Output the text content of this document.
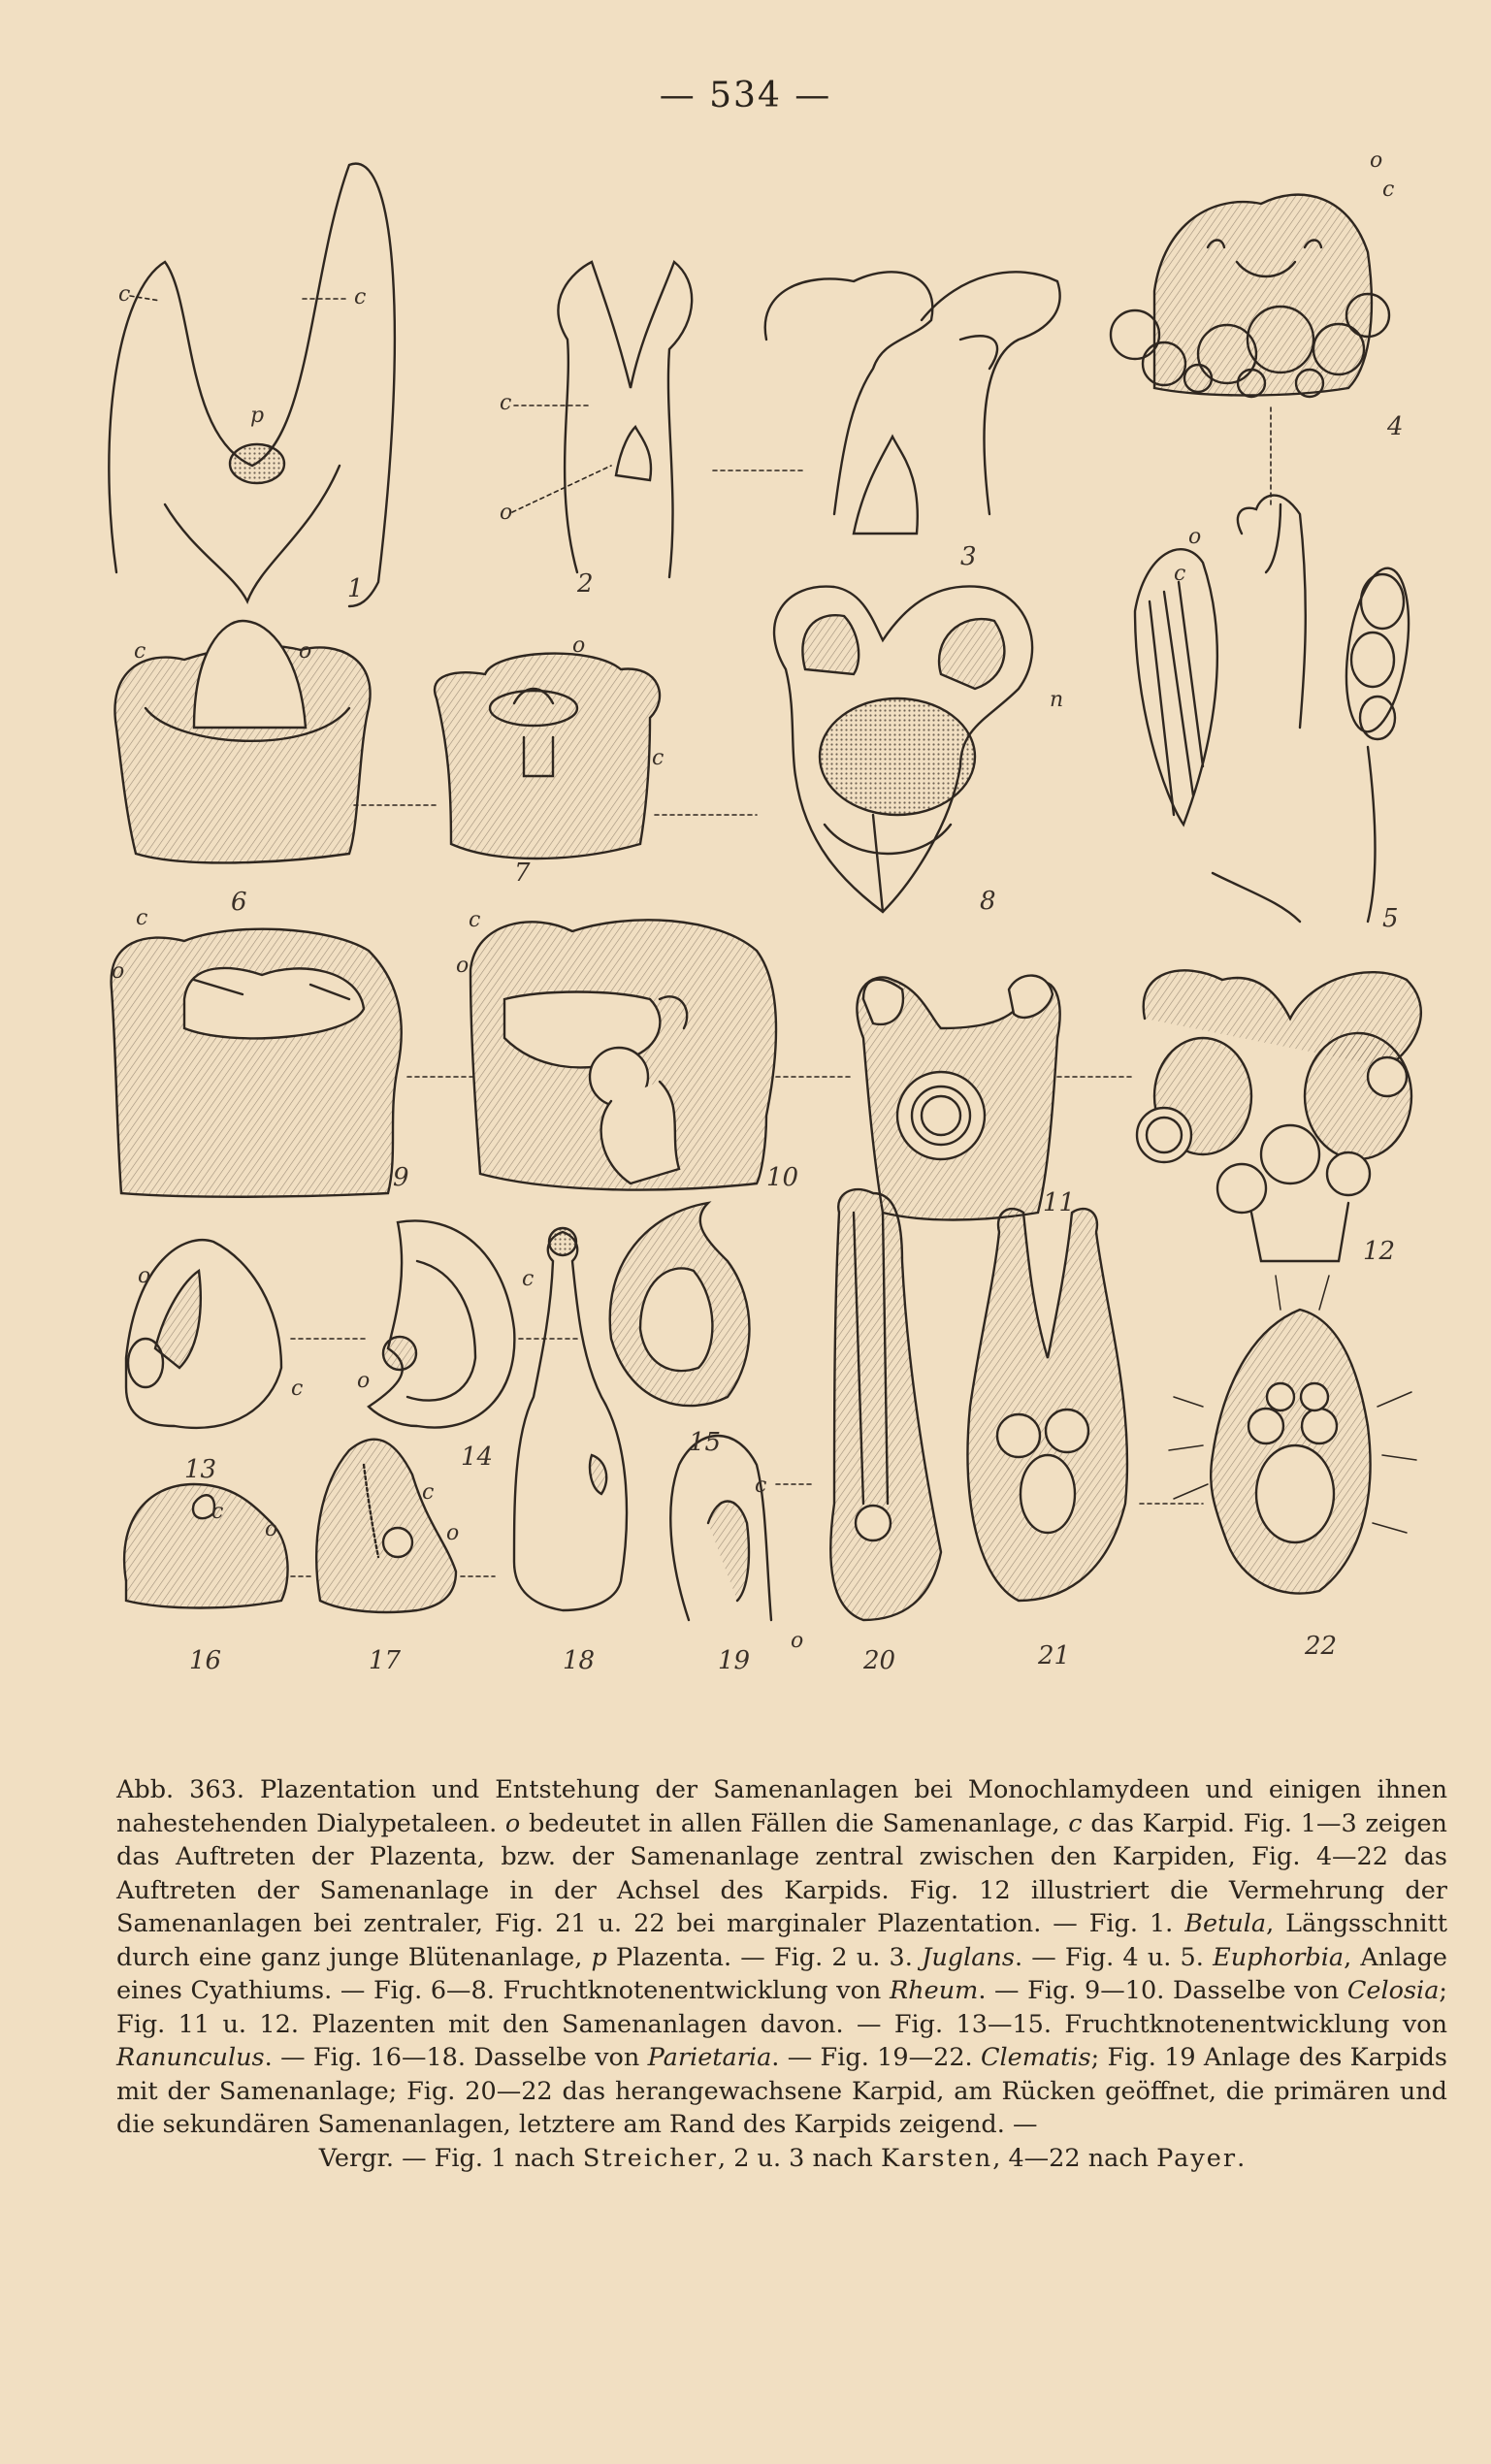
— 534 —
1	2
3
4
5
6
7
8
9	10
11
12
13	14	15
16	17	18	19	20	21	22
c	c
p
c
o
o
c
o
c
c	o	o
c
n
c
o
c
o
o
c
c
o
c
o
c
o
c
o

Abb. 363. Plazentation und Entstehung der Samenanlagen bei Monochlamydeen und einigen ihnen nahestehenden Dialypetaleen. o bedeutet in allen Fällen die Samenanlage, c das Karpid. Fig. 1—3 zeigen das Auftreten der Plazenta, bzw. der Samenanlage zentral zwischen den Karpiden, Fig. 4—22 das Auftreten der Samenanlage in der Achsel des Karpids. Fig. 12 illustriert die Vermehrung der Samenanlagen bei zentraler, Fig. 21 u. 22 bei marginaler Plazentation. — Fig. 1. Betula, Längsschnitt durch eine ganz junge Blütenanlage, p Plazenta. — Fig. 2 u. 3. Juglans. — Fig. 4 u. 5. Euphorbia, Anlage eines Cyathiums. — Fig. 6—8. Fruchtknotenentwicklung von Rheum. — Fig. 9—10. Dasselbe von Celosia; Fig. 11 u. 12. Plazenten mit den Samenanlagen davon. — Fig. 13—15. Fruchtknotenentwicklung von Ranunculus. — Fig. 16—18. Dasselbe von Parietaria. — Fig. 19—22. Clematis; Fig. 19 Anlage des Karpids mit der Samenanlage; Fig. 20—22 das herangewachsene Karpid, am Rücken geöffnet, die primären und die sekundären Samenanlagen, letztere am Rand des Karpids zeigend. —

Vergr. — Fig. 1 nach Streicher, 2 u. 3 nach Karsten, 4—22 nach Payer.
